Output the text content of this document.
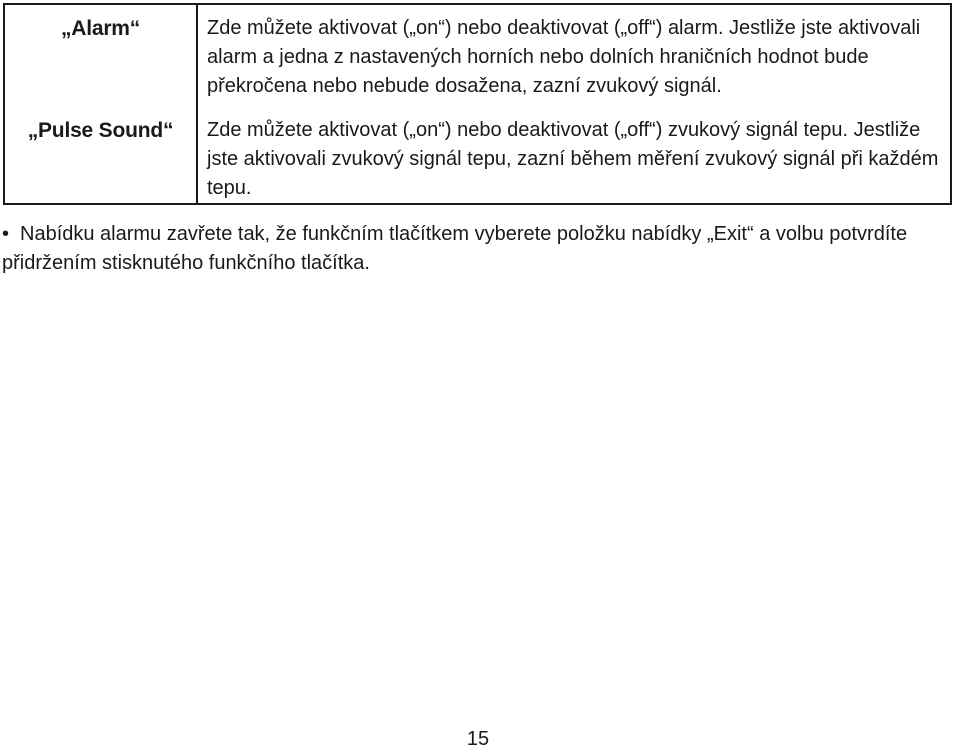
„Alarm“	Zde můžete aktivovat („on“) nebo deaktivovat („off“) alarm. Jestliže jste aktivovali alarm a jedna z nastavených horních nebo dolních hraničních hodnot bude překročena nebo nebude dosažena, zazní zvukový signál.

„Pulse Sound“	Zde můžete aktivovat („on“) nebo deaktivovat („off“) zvukový signál tepu. Jestliže jste aktivovali zvukový signál tepu, zazní během měření zvukový signál při každém tepu.

• Nabídku alarmu zavřete tak, že funkčním tlačítkem vyberete položku nabídky „Exit“ a volbu potvrdíte přidržením stisknutého funkčního tlačítka.

15
